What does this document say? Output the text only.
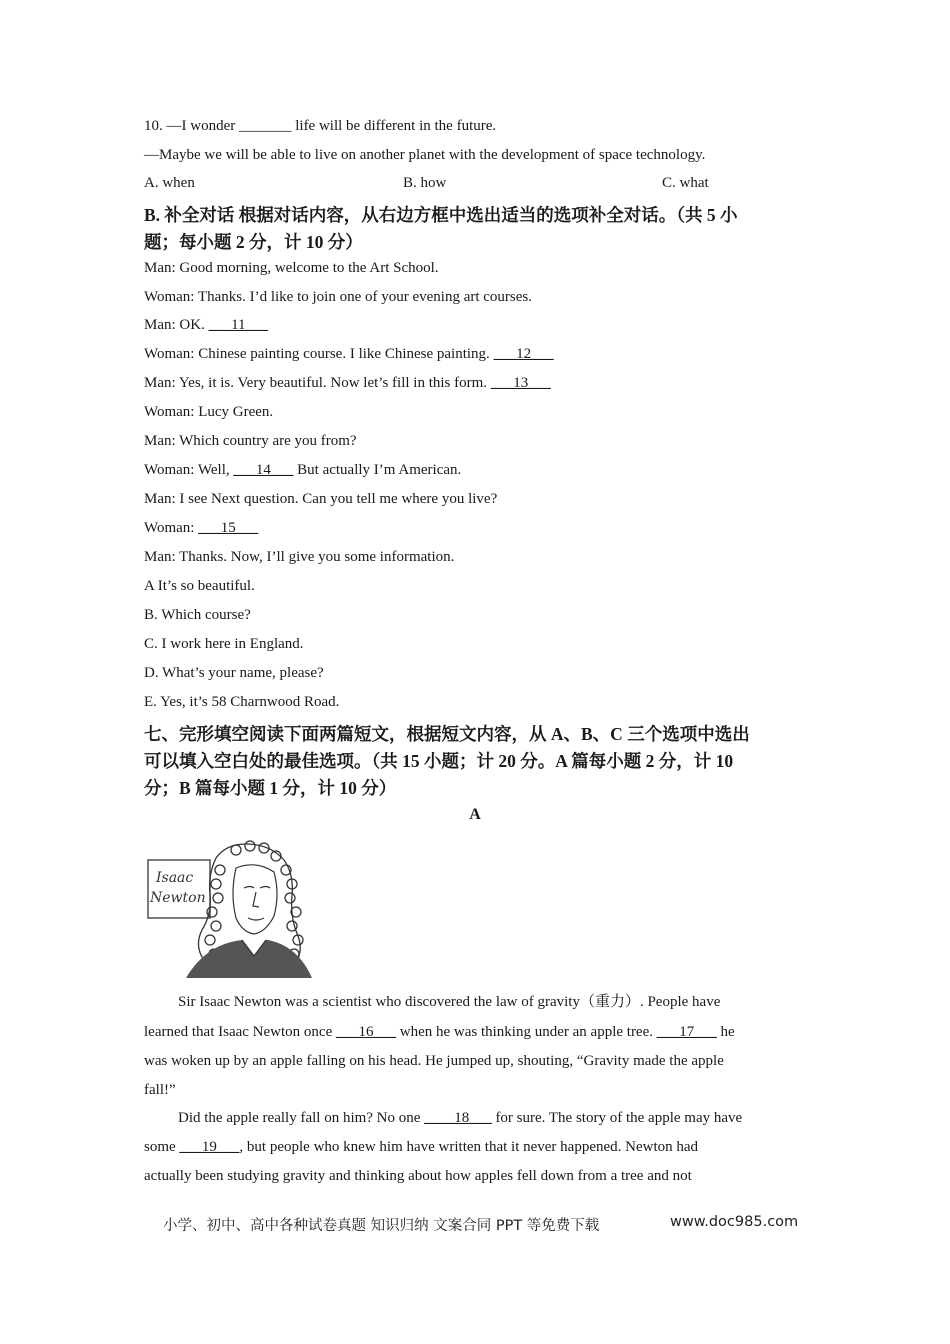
10. —I wonder _______ life will be different in the future.
—Maybe we will be able to live on another planet with the development of space technology.
A. when	B. how	C. what
B. 补全对话 根据对话内容，从右边方框中选出适当的选项补全对话。（共 5 小
题；每小题 2 分，计 10 分）
Man: Good morning, welcome to the Art School.
Woman: Thanks. I’d like to join one of your evening art courses.
Man: OK. ___11___
Woman: Chinese painting course. I like Chinese painting. ___12___
Man: Yes, it is. Very beautiful. Now let’s fill in this form. ___13___
Woman: Lucy Green.
Man: Which country are you from?
Woman: Well, ___14___ But actually I’m American.
Man: I see Next question. Can you tell me where you live?
Woman: ___15___
Man: Thanks. Now, I’ll give you some information.
A It’s so beautiful.
B. Which course?
C. I work here in England.
D. What’s your name, please?
E. Yes, it’s 58 Charnwood Road.
七、完形填空阅读下面两篇短文，根据短文内容，从 A、B、C 三个选项中选出
可以填入空白处的最佳选项。（共 15 小题；计 20 分。A 篇每小题 2 分，计 10
分；B 篇每小题 1 分，计 10 分）
A
Isaac
Newton
Sir Isaac Newton was a scientist who discovered the law of gravity（重力）. People have
learned that Isaac Newton once ___16___ when he was thinking under an apple tree. ___17___ he
was woken up by an apple falling on his head. He jumped up, shouting, “Gravity made the apple
fall!”
Did the apple really fall on him? No one ____18___ for sure. The story of the apple may have
some ___19___, but people who knew him have written that it never happened. Newton had
actually been studying gravity and thinking about how apples fell down from a tree and not
小学、初中、高中各种试卷真题 知识归纳 文案合同 PPT 等免费下载	www.doc985.com
